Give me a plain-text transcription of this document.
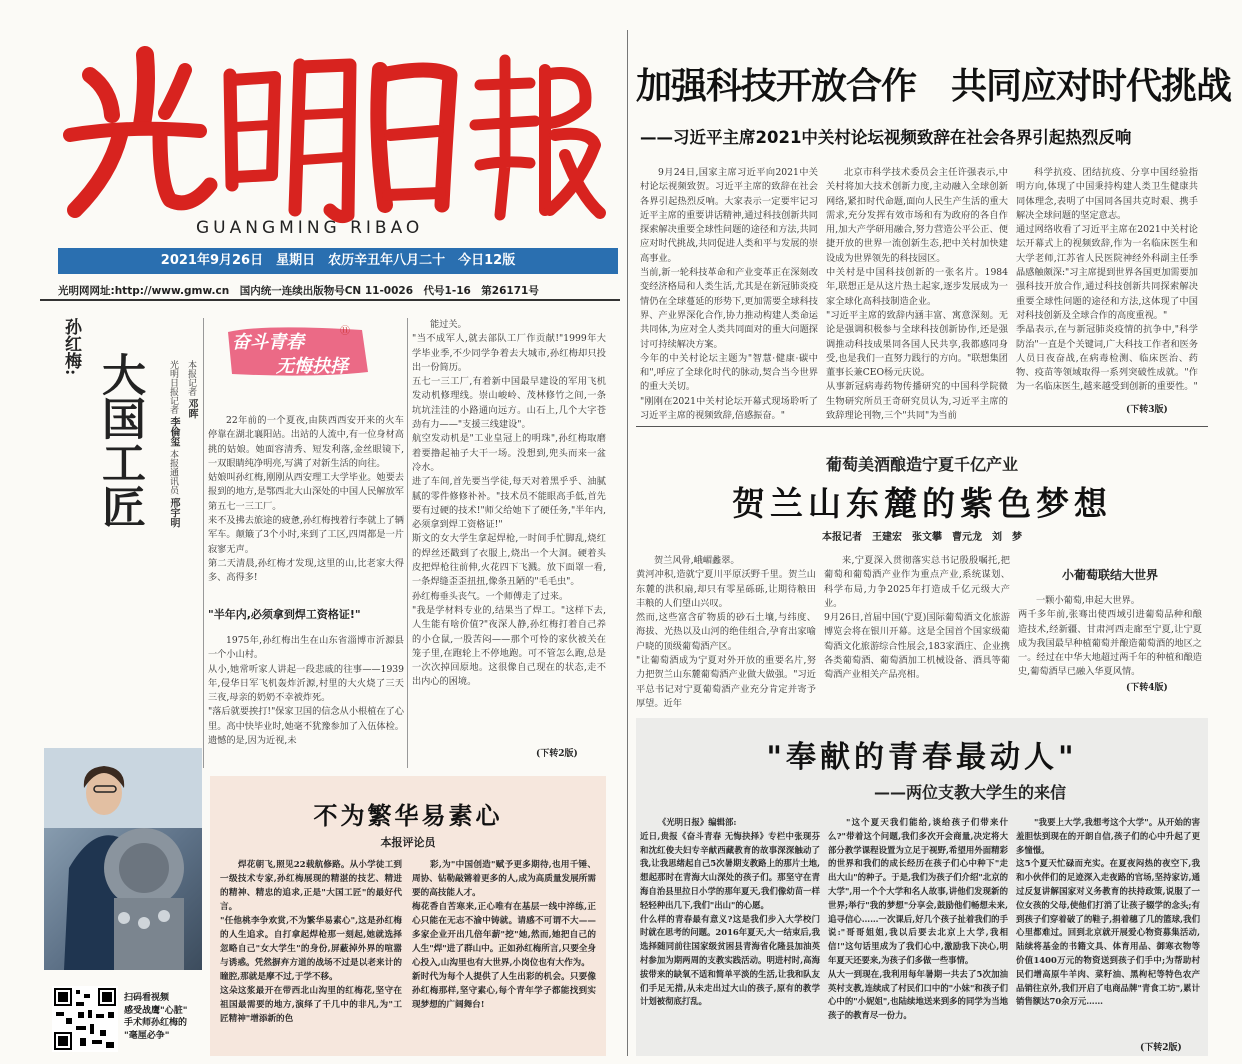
GUANGMING RIBAO
2021年9月26日　星期日　农历辛丑年八月二十　今日12版
光明网网址:http://www.gmw.cn　国内统一连续出版物号CN 11-0026　代号1-16　第26171号
加强科技开放合作　共同应对时代挑战
——习近平主席2021中关村论坛视频致辞在社会各界引起热烈反响
9月24日,国家主席习近平向2021中关村论坛视频致贺。习近平主席的致辞在社会各界引起热烈反响。大家表示一定要牢记习近平主席的重要讲话精神,通过科技创新共同探索解决重要全球性问题的途径和方法,共同应对时代挑战,共同促进人类和平与发展的崇高事业。
当前,新一轮科技革命和产业变革正在深刻改变经济格局和人类生活,尤其是在新冠肺炎疫情仍在全球蔓延的形势下,更加需要全球科技界、产业界深化合作,协力推动构建人类命运共同体,为应对全人类共同面对的重大问题探讨可持续解决方案。
今年的中关村论坛主题为"智慧·健康·碳中和",呼应了全球化时代的脉动,契合当今世界的重大关切。
"刚刚在2021中关村论坛开幕式现场聆听了习近平主席的视频致辞,倍感振奋。"
北京市科学技术委员会主任许强表示,中关村将加大技术创新力度,主动融入全球创新网络,紧扣时代命题,面向人民生产生活的重大需求,充分发挥有效市场和有为政府的各自作用,加大产学研用融合,努力营造公平公正、便捷开放的世界一流创新生态,把中关村加快建设成为世界领先的科技园区。
中关村是中国科技创新的一张名片。1984年,联想正是从这片热土起家,逐步发展成为一家全球化高科技制造企业。
"习近平主席的致辞内涵丰富、寓意深刻。无论是强调积极参与全球科技创新协作,还是强调推动科技成果同各国人民共享,我都感同身受,也是我们一直努力践行的方向。"联想集团董事长兼CEO杨元庆说。
从事新冠病毒药物传播研究的中国科学院微生物研究所员王奇研究员认为,习近平主席的致辞理论刊物,三个"共同"为当前
科学抗疫、团结抗疫、分享中国经验指明方向,体现了中国秉持构建人类卫生健康共同体理念,表明了中国同各国共克时艰、携手解决全球问题的坚定意志。
通过网络收看了习近平主席在2021中关村论坛开幕式上的视频致辞,作为一名临床医生和大学老师,江苏省人民医院神经外科副主任季晶感触颇深:"习主席提到世界各国更加需要加强科技开放合作,通过科技创新共同探索解决重要全球性问题的途径和方法,这体现了中国对科技创新及全球合作的高度重视。"
季晶表示,在与新冠肺炎疫情的抗争中,"科学防治"一直是个关键词,广大科技工作者和医务人员日夜奋战,在病毒检测、临床医治、药物、疫苗等领域取得一系列突破性成就。"作为一名临床医生,越来越受到创新的重要性。"
(下转3版)
葡萄美酒酿造宁夏千亿产业
贺兰山东麓的紫色梦想
本报记者　王建宏　张文攀　曹元龙　刘　梦
贺兰风骨,峨嵋蠡翠。
黄河冲积,造就宁夏川平原沃野千里。贺兰山东麓的洪积扇,却只有零星砾砾,让期待粮田丰粮的人们望山兴叹。
然而,这些富含矿物质的砂石土壤,与纬度、海拔、光热以及山河的绝佳组合,孕育出家喻户晓的顶级葡萄酒产区。
"让葡萄酒成为宁夏对外开放的重要名片,努力把贺兰山东麓葡萄酒产业做大做强。"习近平总书记对宁夏葡萄酒产业充分肯定并寄予厚望。近年
来,宁夏深入贯彻落实总书记殷殷嘱托,把葡萄和葡萄酒产业作为重点产业,系统谋划、科学布局,力争2025年打造成千亿元级大产业。
9月26日,首届中国(宁夏)国际葡萄酒文化旅游博览会将在银川开幕。这是全国首个国家级葡萄酒文化旅游综合性展会,183家酒庄、企业携各类葡萄酒、葡萄酒加工机械设备、酒具等葡萄酒产业相关产品亮相。
小葡萄联结大世界
一颗小葡萄,串起大世界。
两千多年前,张骞出使西域引进葡萄品种和酿造技术,经新疆、甘肃河西走廊至宁夏,让宁夏成为我国最早种植葡萄并酿造葡萄酒的地区之一。经过在中华大地超过两千年的种植和酿造史,葡萄酒早已融入华夏风情。
(下转4版)
孙红梅: 大国工匠	本报记者 邓晖
光明日报记者 李倫玺 本报通讯员 邢宇明
奋斗青春
无悔抉择
⑪
22年前的一个夏夜,由陕西西安开来的火车停靠在湖北襄阳站。出站的人流中,有一位身材高挑的姑娘。她面容清秀、短发利落,金丝眼镜下,一双眼睛纯净明亮,写满了对新生活的向往。
姑娘叫孙红梅,刚刚从西安理工大学毕业。她要去报到的地方,是鄂西北大山深处的中国人民解放军第五七一三工厂。
来不及拂去旅途的疲惫,孙红梅拽着行李就上了辆军车。颠簸了3个小时,来到了工区,四周都是一片寂寥无声。
第二天清晨,孙红梅才发现,这里的山,比老家大得多、高得多!
"半年内,必须拿到焊工资格证!"
1975年,孙红梅出生在山东省淄博市沂源县一个小山村。
从小,她常听家人讲起一段悲戚的往事——1939年,侵华日军飞机轰炸沂源,村里的大火烧了三天三夜,母亲的奶奶不幸被炸死。
"落后就要挨打!"保家卫国的信念从小根植在了心里。高中快毕业时,她毫不犹豫参加了入伍体检。遗憾的是,因为近视,未
能过关。
"当不成军人,就去部队工厂作贡献!"1999年大学毕业季,不少同学争着去大城市,孙红梅却只投出一份简历。
五七一三工厂,有着新中国最早建设的军用飞机发动机修理线。崇山峻岭、茂林修竹之间,一条坑坑洼洼的小路通向远方。山石上,几个大字苍劲有力——"支援三线建设"。
航空发动机是"工业皇冠上的明珠",孙红梅取磨着要撸起袖子大干一场。没想到,兜头而来一盆冷水。
进了车间,首先要当学徒,每天对着黑乎乎、油腻腻的零件修修补补。"技术员不能眼高手低,首先要有过硬的技术!"师父给她下了硬任务,"半年内,必须拿到焊工资格证!"
斯文的女大学生拿起焊枪,一时间手忙脚乱,烧红的焊丝还戳到了衣服上,烧出一个大洞。硬着头皮把焊枪往前伸,火花四下飞溅。放下面罩一看,一条焊缝歪歪扭扭,像条丑陋的"毛毛虫"。
孙红梅垂头丧气。一个师傅走了过来。
"我是学材料专业的,结果当了焊工。"这样下去,人生能有啥价值?"夜深人静,孙红梅打着自己养的小仓鼠,一股苦闷——那个可怜的家伙被关在笼子里,在跑轮上不停地跑。可不管怎么跑,总是一次次掉回原地。这很像自己现在的状态,走不出内心的困境。
(下转2版)
扫码看视频
感受战鹰"心脏"
手术师孙红梅的
"毫厘必争"
不为繁华易素心
本报评论员
焊花朝飞,照见22载航修路。从小学徒工到一级技术专家,孙红梅展现的精湛的技艺、精进的精神、精忠的追求,正是"大国工匠"的最好代言。
"任他桃李争欢赏,不为繁华易素心",这是孙红梅的人生追求。自打拿起焊枪那一刻起,她就选择忽略自己"女大学生"的身份,屏蔽掉外界的喧嚣与诱惑。凭然摒弃方道的战场不过是以老来计的瞳腔,那就是摩不过,于学不移。
这朵这浆最开在带西北山沟里的红梅花,坚守在祖国最需要的地方,演绎了千几中的非凡,为"工匠精神"增添新的色
彩,为"中国创造"赋予更多期待,也用千锤、周协、钻勒敲锵着更多的人,成为高质量发展所需要的高技能人才。
梅花香自苦寒来,正心唯有在基层一线中淬练,正心只能在无志不渝中铸就。请感不可谓不大——多家企业开出几倍年薪"挖"她,然而,她把自己的人生"焊"进了群山中。正如孙红梅所言,只要全身心投入,山沟里也有大世界,小岗位也有大作为。
新时代为每个人提供了人生出彩的机会。只要像孙红梅那样,坚守素心,每个青年学子都能找到实现梦想的广阔舞台!
"奉献的青春最动人"
——两位支教大学生的来信
《光明日报》编辑部:
近日,贵报《奋斗青春 无悔抉择》专栏中张现芬和沈红俊夫妇专辛献西藏教育的故事深深触动了我,让我思绪起自己5次暑期支教路上的那片土地,想起那时在青海大山深处的孩子们。那坚守在青海自治县里拉日小学的那年夏天,我们像幼苗一样轻轻种出几下,我们"出山"的心愿。
什么样的青春最有意义?这是我们步入大学校门时就在思考的问题。2016年夏天,大一结束后,我选择随同前往国家级贫困县青海省化隆县加油英村参加为期两周的支教实践活动。明进村时,高海拔带来的缺氧不适和简单平淡的生活,让我和队友们手足无措,从未走出过大山的孩子,原有的教学计划被彻底打乱。
"这个夏天我们能给,谈给孩子们带来什么?"带着这个问题,我们多次开会商量,决定将大部分教学课程设置为立足于视野,希望用外面精彩的世界和我们的成长经历在孩子们心中种下"走出大山"的种子。于是,我们为孩子们介绍"北京的大学",用一个个大学和名人故事,讲他们发现新的世界;举行"我的梦想"分享会,鼓励他们畅想未来,追寻信心……一次课后,好几个孩子扯着我们的手说:"哥哥姐姐,我以后要去北京上大学,我相信!"这句话里成为了我们心中,激励我下决心,明年夏天还要来,为孩子们多做一些事情。
从大一到现在,我利用每年暑期一共去了5次加油英村支教,连续成了村民们口中的"小妹"和孩子们心中的"小妮姐",也陆续地送来到多的同学为当地孩子的教育尽一份力。
"我要上大学,我想考这个大学"。从开始的害羞胆怯到现在的开朗自信,孩子们的心中升起了更多憧憬。
这5个夏天忙碌而充实。在夏夜闷热的夜空下,我和小伙伴们的足迹深入走夜路的官场,坚持家访,通过反复讲解国家对义务教育的扶持政策,说服了一位女孩的父母,使他们打消了让孩子辍学的念头;有到孩子们穿着破了的鞋子,捐着穗了几的篮球,我们心里都难过。回到北京就开展爱心物资募集活动,陆续将基金的书籍文具、体育用品、御寒衣物等价值1400万元的物资送到孩子们手中;为帮助村民们增高原牛羊肉、菜籽油、黑枸杞等特色农产品销往京外,我们开启了电商品牌"青食工坊",累计销售额达70余万元……
(下转2版)
